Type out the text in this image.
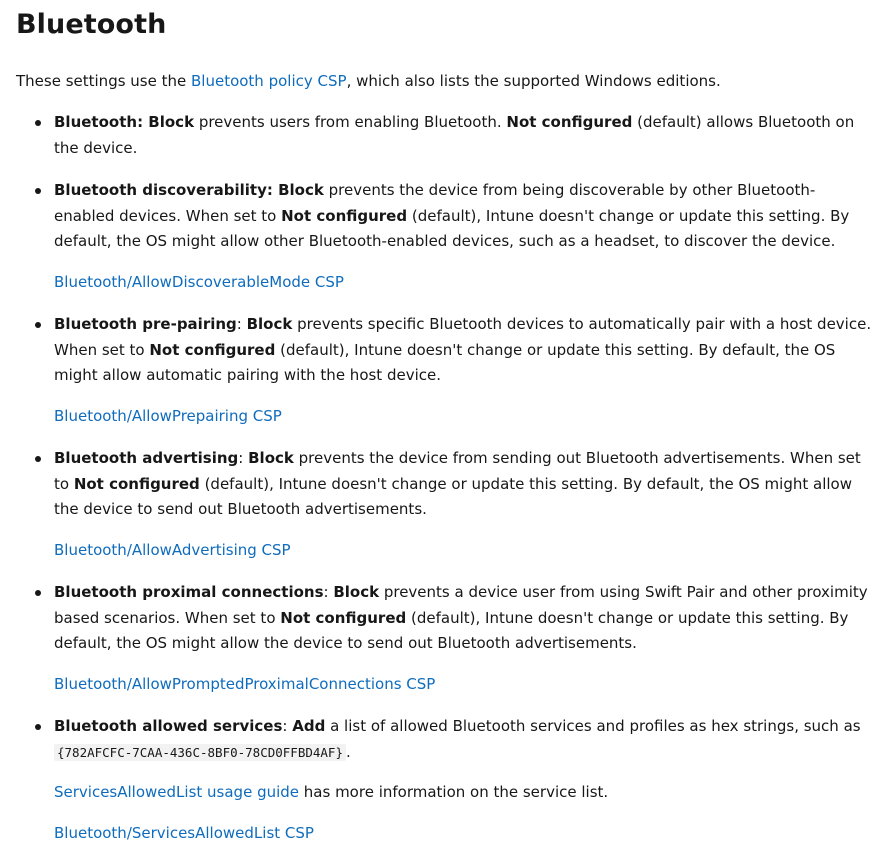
Bluetooth

These settings use the Bluetooth policy CSP, which also lists the supported Windows editions.

Bluetooth: Block prevents users from enabling Bluetooth. Not configured (default) allows Bluetooth on the device.

Bluetooth discoverability: Block prevents the device from being discoverable by other Bluetooth-enabled devices. When set to Not configured (default), Intune doesn't change or update this setting. By default, the OS might allow other Bluetooth-enabled devices, such as a headset, to discover the device.

Bluetooth/AllowDiscoverableMode CSP

Bluetooth pre-pairing: Block prevents specific Bluetooth devices to automatically pair with a host device. When set to Not configured (default), Intune doesn't change or update this setting. By default, the OS might allow automatic pairing with the host device.

Bluetooth/AllowPrepairing CSP

Bluetooth advertising: Block prevents the device from sending out Bluetooth advertisements. When set to Not configured (default), Intune doesn't change or update this setting. By default, the OS might allow the device to send out Bluetooth advertisements.

Bluetooth/AllowAdvertising CSP

Bluetooth proximal connections: Block prevents a device user from using Swift Pair and other proximity based scenarios. When set to Not configured (default), Intune doesn't change or update this setting. By default, the OS might allow the device to send out Bluetooth advertisements.

Bluetooth/AllowPromptedProximalConnections CSP

Bluetooth allowed services: Add a list of allowed Bluetooth services and profiles as hex strings, such as {782AFCFC-7CAA-436C-8BF0-78CD0FFBD4AF} .

ServicesAllowedList usage guide has more information on the service list.

Bluetooth/ServicesAllowedList CSP
